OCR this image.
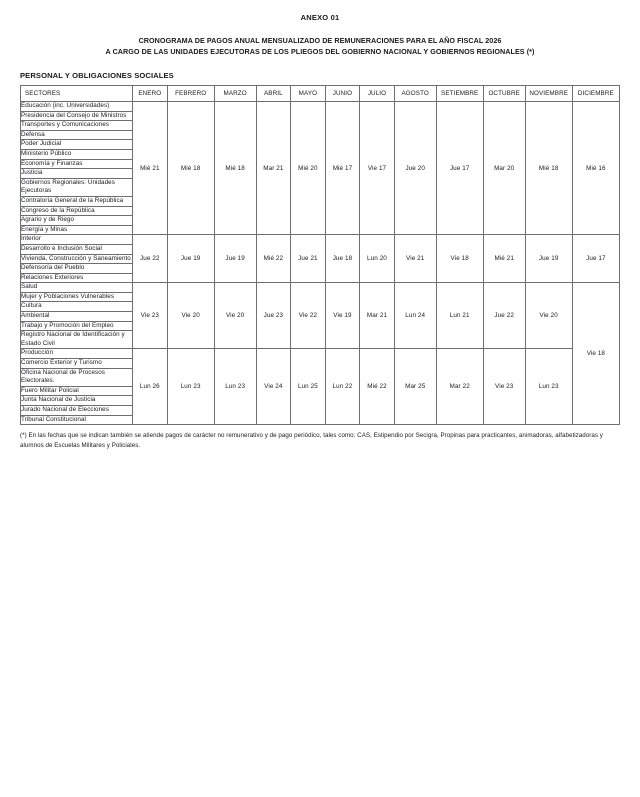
ANEXO 01
CRONOGRAMA DE PAGOS ANUAL MENSUALIZADO DE REMUNERACIONES PARA EL AÑO FISCAL 2026
A CARGO DE LAS UNIDADES EJECUTORAS DE LOS PLIEGOS DEL GOBIERNO NACIONAL Y GOBIERNOS REGIONALES (*)
PERSONAL Y OBLIGACIONES SOCIALES
SECTORES	ENERO	FEBRERO	MARZO	ABRIL	MAYO	JUNIO	JULIO	AGOSTO	SETIEMBRE	OCTUBRE	NOVIEMBRE	DICIEMBRE
Educación (inc. Universidades)	Mié 21	Mié 18	Mié 18	Mar 21	Mié 20	Mié 17	Vie 17	Jue 20	Jue 17	Mar 20	Mié 18	Mié 16
Presidencia del Consejo de Ministros												
Transportes y Comunicaciones												
Defensa												
Poder Judicial												
Ministerio Público												
Economía y Finanzas												
Justicia												
Gobiernos Regionales: Unidades Ejecutoras												
Contraloría General de la República												
Congreso de la República												
Agrario y de Riego												
Energía y Minas												
Interior	Jue 22	Jue 19	Jue 19	Mié 22	Jue 21	Jue 18	Lun 20	Vie 21	Vie 18	Mié 21	Jue 19	Jue 17
Desarrollo e Inclusión Social												
Vivienda, Construcción y Saneamiento												
Defensoría del Pueblo												
Relaciones Exteriores												
Salud	Vie 23	Vie 20	Vie 20	Jue 23	Vie 22	Vie 19	Mar 21	Lun 24	Lun 21	Jue 22	Vie 20	Vie 18
Mujer y Poblaciones Vulnerables												
Cultura												
Ambiental												
Trabajo y Promoción del Empleo												
Registro Nacional de Identificación y Estado Civil												
Producción	Lun 26	Lun 23	Lun 23	Vie 24	Lun 25	Lun 22	Mié 22	Mar 25	Mar 22	Vie 23	Lun 23	
Comercio Exterior y Turismo												
Oficina Nacional de Procesos Electorales.												
Fuero Militar Policial												
Junta Nacional de Justicia												
Jurado Nacional de Elecciones												
Tribunal Constitucional												
(*) En las fechas que se indican también se atiende pagos de carácter no remunerativo y de pago periódico, tales como: CAS, Estipendio por Secigra, Propinas para practicantes, animadoras, alfabetizadoras y alumnos de Escuelas Militares y Policiales.
